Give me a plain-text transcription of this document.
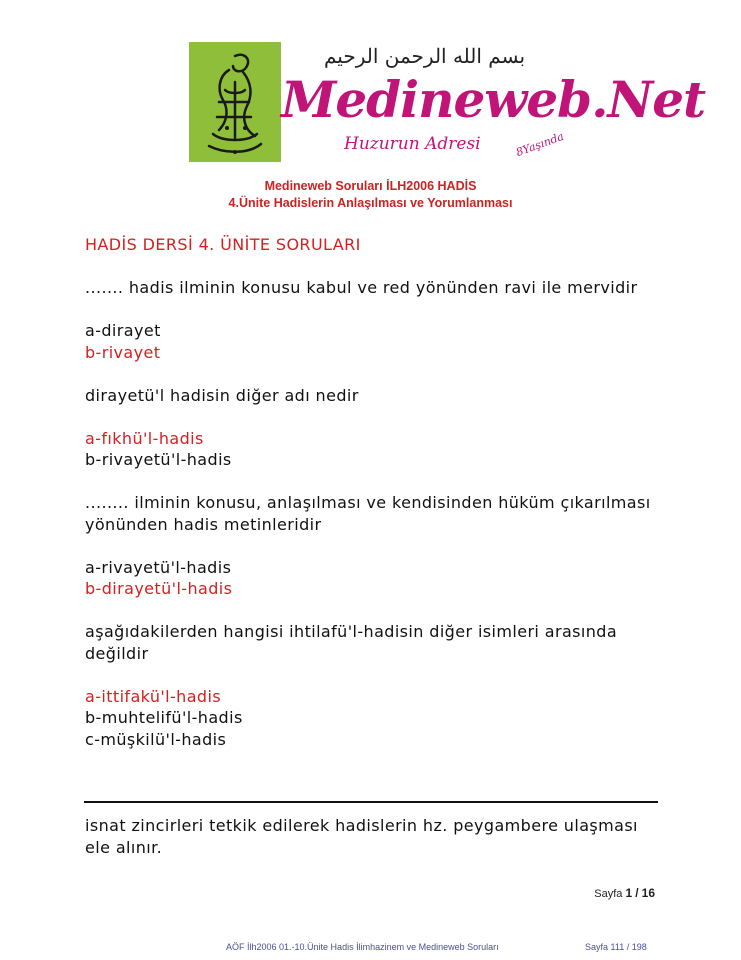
بسم الله الرحمن الرحيم
Medineweb.Net
Huzurun Adresi	8Yaşında
Medineweb Soruları İLH2006 HADİS
4.Ünite Hadislerin Anlaşılması ve Yorumlanması

HADİS DERSİ 4. ÜNİTE SORULARI

....... hadis ilminin konusu kabul ve red yönünden ravi ile mervidir

a-dirayet

b-rivayet

dirayetü'l hadisin diğer adı nedir

a-fıkhü'l-hadis

b-rivayetü'l-hadis

........ ilminin konusu, anlaşılması ve kendisinden hüküm çıkarılması yönünden hadis metinleridir

a-rivayetü'l-hadis

b-dirayetü'l-hadis

aşağıdakilerden hangisi ihtilafü'l-hadisin diğer isimleri arasında değildir

a-ittifakü'l-hadis

b-muhtelifü'l-hadis

c-müşkilü'l-hadis

isnat zincirleri tetkik edilerek hadislerin hz. peygambere ulaşması ele alınır.
Sayfa 1 / 16
AÖF İlh2006 01.-10.Ünite Hadis İlimhazinem ve Medineweb Soruları	Sayfa 111 / 198
